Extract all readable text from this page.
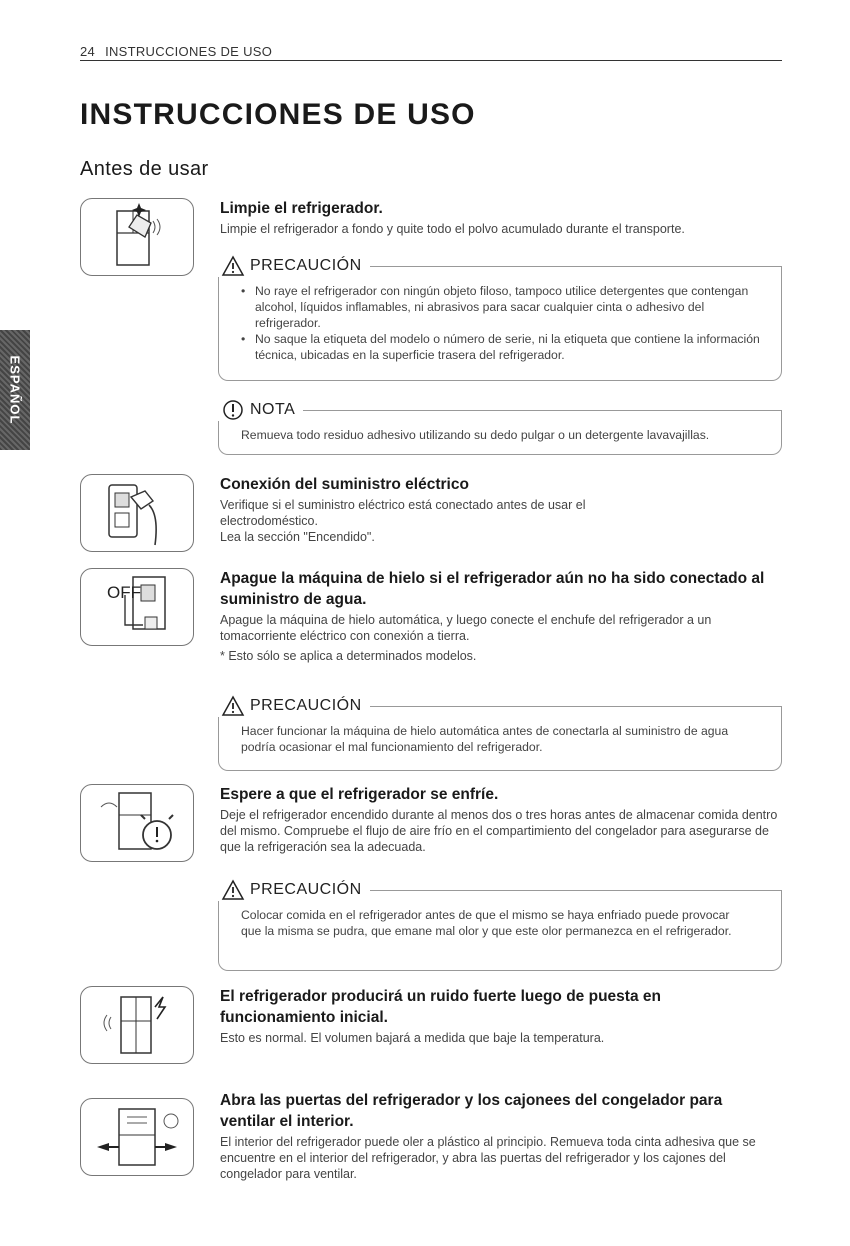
24 INSTRUCCIONES DE USO
INSTRUCCIONES DE USO
Antes de usar
ESPAÑOL

Limpie el refrigerador.

Limpie el refrigerador a fondo y quite todo el polvo acumulado durante el transporte.

PRECAUCIÓN
• No raye el refrigerador con ningún objeto filoso, tampoco utilice detergentes que contengan alcohol, líquidos inflamables, ni abrasivos para sacar cualquier cinta o adhesivo del refrigerador.
• No saque la etiqueta del modelo o número de serie, ni la etiqueta que contiene la información técnica, ubicadas en la superficie trasera del refrigerador.
NOTA
Remueva todo residuo adhesivo utilizando su dedo pulgar o un detergente lavavajillas.

Conexión del suministro eléctrico

Verifique si el suministro eléctrico está conectado antes de usar el electrodoméstico.

Lea la sección "Encendido".

OFF

Apague la máquina de hielo si el refrigerador aún no ha sido conectado al suministro de agua.

Apague la máquina de hielo automática, y luego conecte el enchufe del refrigerador a un tomacorriente eléctrico con conexión a tierra.

* Esto sólo se aplica a determinados modelos.

PRECAUCIÓN
Hacer funcionar la máquina de hielo automática antes de conectarla al suministro de agua podría ocasionar el mal funcionamiento del refrigerador.

Espere a que el refrigerador se enfríe.

Deje el refrigerador encendido durante al menos dos o tres horas antes de almacenar comida dentro del mismo. Compruebe el flujo de aire frío en el compartimiento del congelador para asegurarse de que la refrigeración sea la adecuada.

PRECAUCIÓN
Colocar comida en el refrigerador antes de que el mismo se haya enfriado puede provocar que la misma se pudra, que emane mal olor y que este olor permanezca en el refrigerador.

El refrigerador producirá un ruido fuerte luego de puesta en funcionamiento inicial.

Esto es normal. El volumen bajará a medida que baje la temperatura.

Abra las puertas del refrigerador y los cajonees del congelador para ventilar el interior.

El interior del refrigerador puede oler a plástico al principio. Remueva toda cinta adhesiva que se encuentre en el interior del refrigerador, y abra las puertas del refrigerador y los cajones del congelador para ventilar.
